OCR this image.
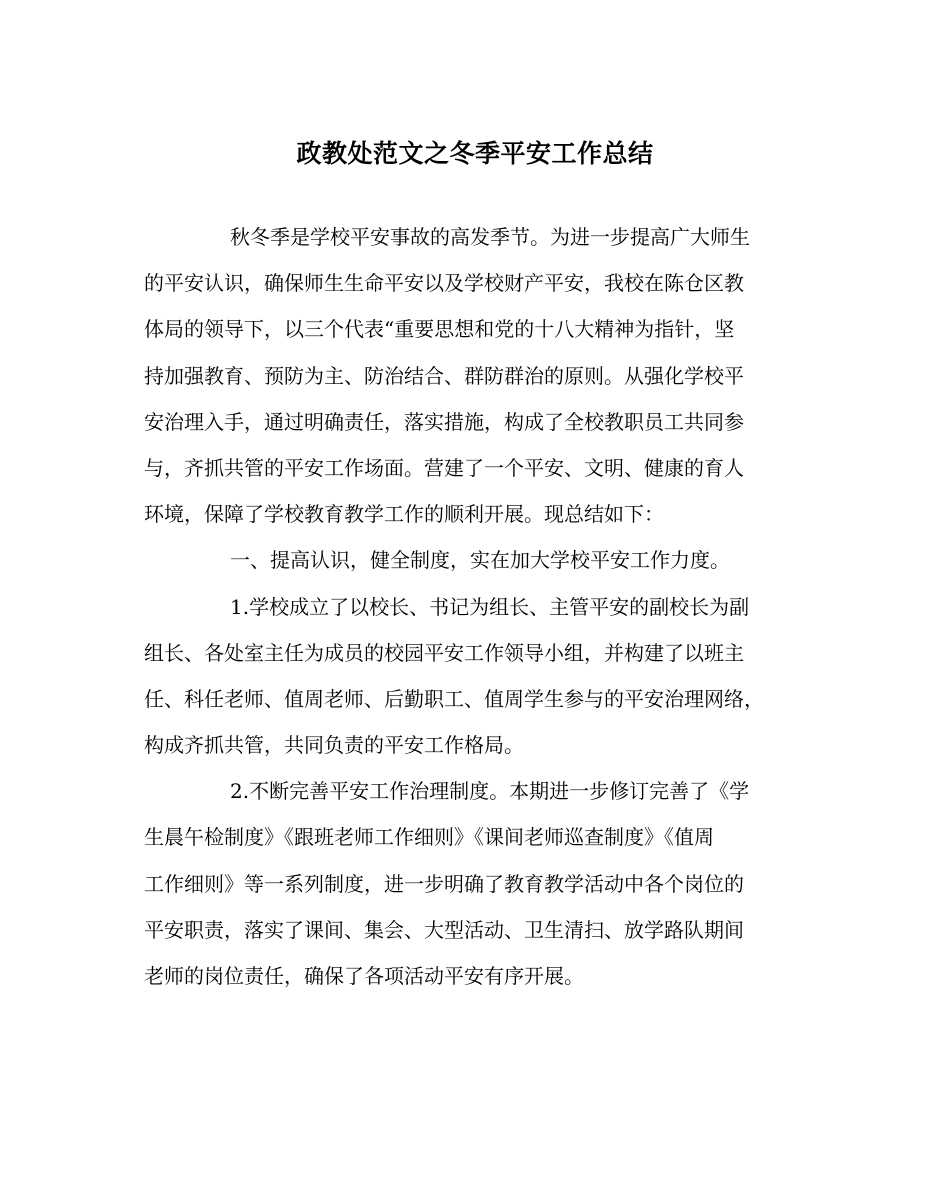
政教处范文之冬季平安工作总结
秋冬季是学校平安事故的高发季节。为进一步提高广大师生
的平安认识，确保师生生命平安以及学校财产平安，我校在陈仓区教
体局的领导下，以三个代表“重要思想和党的十八大精神为指针，坚
持加强教育、预防为主、防治结合、群防群治的原则。从强化学校平
安治理入手，通过明确责任，落实措施，构成了全校教职员工共同参
与，齐抓共管的平安工作场面。营建了一个平安、文明、健康的育人
环境，保障了学校教育教学工作的顺利开展。现总结如下：
一、提高认识，健全制度，实在加大学校平安工作力度。
1.学校成立了以校长、书记为组长、主管平安的副校长为副
组长、各处室主任为成员的校园平安工作领导小组，并构建了以班主
任、科任老师、值周老师、后勤职工、值周学生参与的平安治理网络，
构成齐抓共管，共同负责的平安工作格局。
2.不断完善平安工作治理制度。本期进一步修订完善了《学
生晨午检制度》《跟班老师工作细则》《课间老师巡查制度》《值周
工作细则》等一系列制度，进一步明确了教育教学活动中各个岗位的
平安职责，落实了课间、集会、大型活动、卫生清扫、放学路队期间
老师的岗位责任，确保了各项活动平安有序开展。
